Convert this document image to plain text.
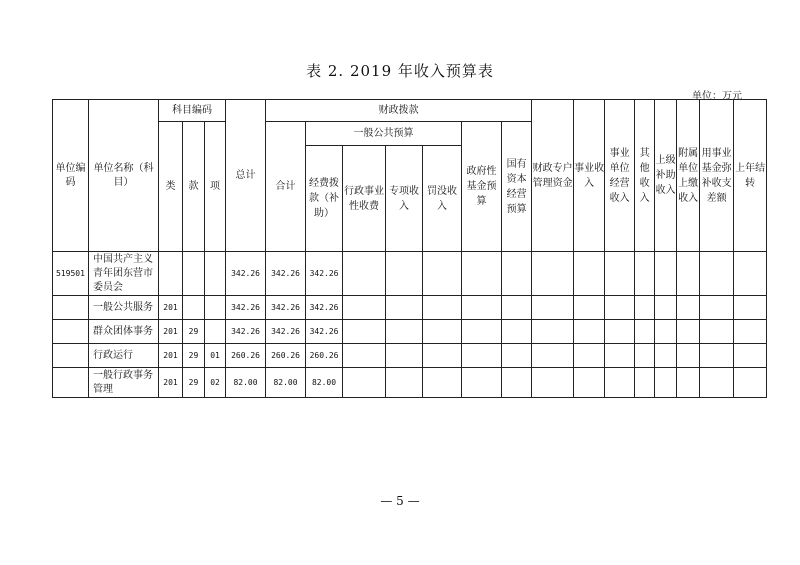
表 2. 2019 年收入预算表
单位：万元
单位编码	单位名称（科目）	科目编码			总计	财政拨款							财政专户管理资金	事业收入	事业单位经营收入	其他收入	上级补助收入	附属单位上缴收入	用事业基金弥补收支差额	上年结转
		类	款	项		合计	一般公共预算				政府性基金预算	国有资本经营预算								

							经费拨款（补助）	行政事业性收费	专项收入	罚没收入										
519501	中国共产主义青年团东营市委员会				342.26	342.26	342.26													
	一般公共服务	201			342.26	342.26	342.26													
	群众团体事务	201	29		342.26	342.26	342.26													
	行政运行	201	29	01	260.26	260.26	260.26													
	一般行政事务管理	201	29	02	82.00	82.00	82.00													
— 5 —
